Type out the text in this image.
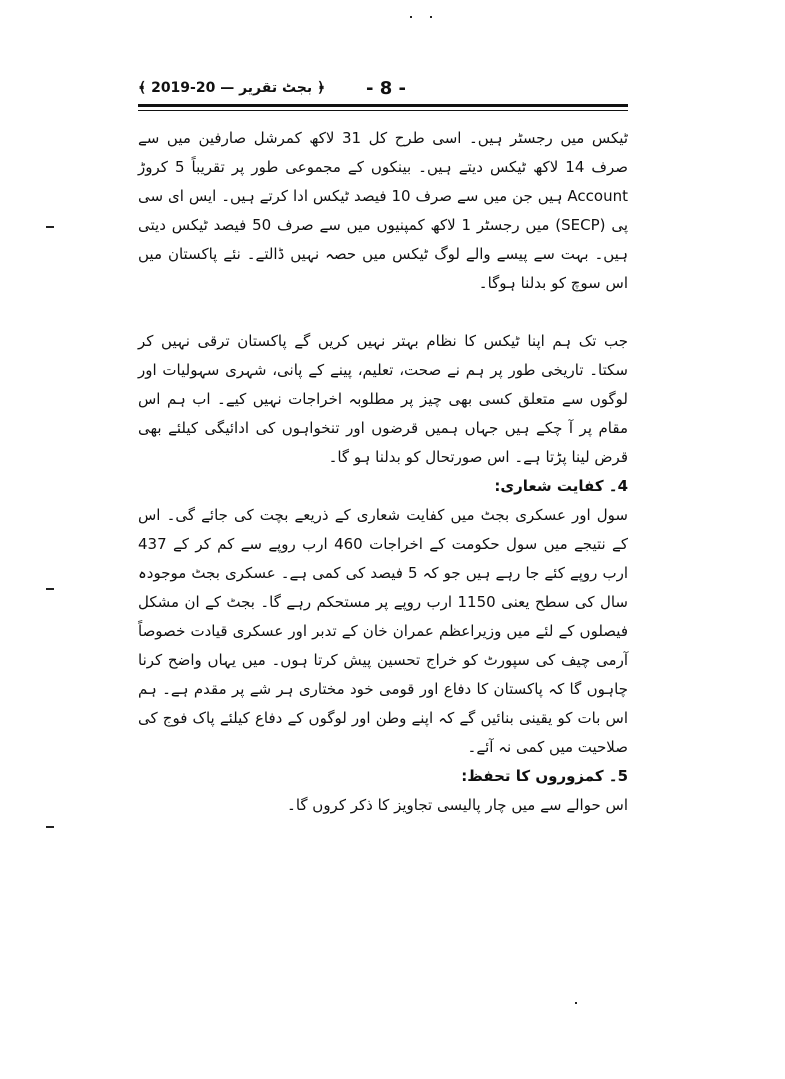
﴾ 2019-20 — بجٹ تقریر ﴿ - 8 -

ٹیکس میں رجسٹر ہیں۔ اسی طرح کل 31 لاکھ کمرشل صارفین میں سے صرف 14 لاکھ ٹیکس دیتے ہیں۔ بینکوں کے مجموعی طور پر تقریباً 5 کروڑ Account ہیں جن میں سے صرف 10 فیصد ٹیکس ادا کرتے ہیں۔ ایس ای سی پی (SECP) میں رجسٹر 1 لاکھ کمپنیوں میں سے صرف 50 فیصد ٹیکس دیتی ہیں۔ بہت سے پیسے والے لوگ ٹیکس میں حصہ نہیں ڈالتے۔ نئے پاکستان میں اس سوچ کو بدلنا ہوگا۔

جب تک ہم اپنا ٹیکس کا نظام بہتر نہیں کریں گے پاکستان ترقی نہیں کر سکتا۔ تاریخی طور پر ہم نے صحت، تعلیم، پینے کے پانی، شہری سہولیات اور لوگوں سے متعلق کسی بھی چیز پر مطلوبہ اخراجات نہیں کیے۔ اب ہم اس مقام پر آ چکے ہیں جہاں ہمیں قرضوں اور تنخواہوں کی ادائیگی کیلئے بھی قرض لینا پڑتا ہے۔ اس صورتحال کو بدلنا ہو گا۔

4۔ کفایت شعاری:

سول اور عسکری بجٹ میں کفایت شعاری کے ذریعے بچت کی جائے گی۔ اس کے نتیجے میں سول حکومت کے اخراجات 460 ارب روپے سے کم کر کے 437 ارب روپے کئے جا رہے ہیں جو کہ 5 فیصد کی کمی ہے۔ عسکری بجٹ موجودہ سال کی سطح یعنی 1150 ارب روپے پر مستحکم رہے گا۔ بجٹ کے ان مشکل فیصلوں کے لئے میں وزیراعظم عمران خان کے تدبر اور عسکری قیادت خصوصاً آرمی چیف کی سپورٹ کو خراج تحسین پیش کرتا ہوں۔ میں یہاں واضح کرنا چاہوں گا کہ پاکستان کا دفاع اور قومی خود مختاری ہر شے پر مقدم ہے۔ ہم اس بات کو یقینی بنائیں گے کہ اپنے وطن اور لوگوں کے دفاع کیلئے پاک فوج کی صلاحیت میں کمی نہ آئے۔

5۔ کمزوروں کا تحفظ:

اس حوالے سے میں چار پالیسی تجاویز کا ذکر کروں گا۔
